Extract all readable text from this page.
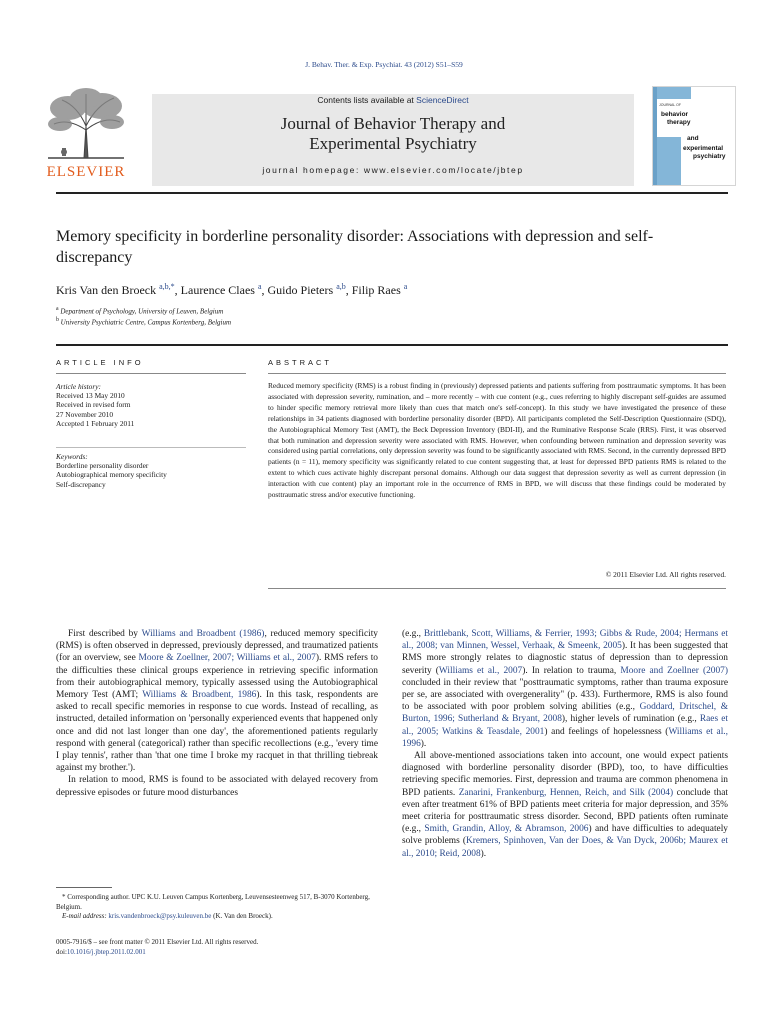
J. Behav. Ther. & Exp. Psychiat. 43 (2012) S51–S59
ELSEVIER
Contents lists available at ScienceDirect
Journal of Behavior Therapy and
Experimental Psychiatry
journal homepage: www.elsevier.com/locate/jbtep
JOURNAL OF
behavior
therapy
and
experimental
psychiatry
Memory specificity in borderline personality disorder: Associations with depression and self-discrepancy
Kris Van den Broeck $^{a,b,*}$, Laurence Claes $^a$, Guido Pieters $^{a,b}$, Filip Raes $^a$
$^a$ Department of Psychology, University of Leuven, Belgium
$^b$ University Psychiatric Centre, Campus Kortenberg, Belgium
ARTICLE INFO
Article history:
Received 13 May 2010
Received in revised form
27 November 2010
Accepted 1 February 2011
Keywords:
Borderline personality disorder
Autobiographical memory specificity
Self-discrepancy
ABSTRACT
Reduced memory specificity (RMS) is a robust finding in (previously) depressed patients and patients suffering from posttraumatic symptoms. It has been associated with depression severity, rumination, and – more recently – with cue content (e.g., cues referring to highly discrepant self-guides are assumed to hinder specific memory retrieval more likely than cues that match one's self-concept). In this study we have investigated the presence of these relationships in 34 patients diagnosed with borderline personality disorder (BPD). All participants completed the Self-Description Questionnaire (SDQ), the Autobiographical Memory Test (AMT), the Beck Depression Inventory (BDI-II), and the Ruminative Response Scale (RRS). First, it was observed that both rumination and depression severity were associated with RMS. However, when confounding between rumination and depression severity was considered using partial correlations, only depression severity was found to be significantly associated with RMS. Second, in the currently depressed BPD patients (n = 11), memory specificity was significantly related to cue content suggesting that, at least for depressed BPD patients RMS is related to the extent to which cues activate highly discrepant personal domains. Although our data suggest that depression severity as well as current depression (in interaction with cue content) play an important role in the occurrence of RMS in BPD, we will discuss that these findings could be moderated by posttraumatic stress and/or executive functioning.
© 2011 Elsevier Ltd. All rights reserved.

First described by Williams and Broadbent (1986), reduced memory specificity (RMS) is often observed in depressed, previously depressed, and traumatized patients (for an overview, see Moore & Zoellner, 2007; Williams et al., 2007). RMS refers to the difficulties these clinical groups experience in retrieving specific information from their autobiographical memory, typically assessed using the Autobiographical Memory Test (AMT; Williams & Broadbent, 1986). In this task, respondents are asked to recall specific memories in response to cue words. Instead of recalling, as instructed, detailed information on 'personally experienced events that happened only once and did not last longer than one day', the aforementioned patients regularly respond with general (categorical) rather than specific recollections (e.g., 'every time I play tennis', rather than 'that one time I broke my racquet in that thrilling tiebreak against my brother.').

In relation to mood, RMS is found to be associated with delayed recovery from depressive episodes or future mood disturbances

(e.g., Brittlebank, Scott, Williams, & Ferrier, 1993; Gibbs & Rude, 2004; Hermans et al., 2008; van Minnen, Wessel, Verhaak, & Smeenk, 2005). It has been suggested that RMS more strongly relates to diagnostic status of depression than to depression severity (Williams et al., 2007). In relation to trauma, Moore and Zoellner (2007) concluded in their review that "posttraumatic symptoms, rather than trauma exposure per se, are associated with overgenerality" (p. 433). Furthermore, RMS is also found to be associated with poor problem solving abilities (e.g., Goddard, Dritschel, & Burton, 1996; Sutherland & Bryant, 2008), higher levels of rumination (e.g., Raes et al., 2005; Watkins & Teasdale, 2001) and feelings of hopelessness (Williams et al., 1996).

All above-mentioned associations taken into account, one would expect patients diagnosed with borderline personality disorder (BPD), too, to have difficulties retrieving specific memories. First, depression and trauma are common phenomena in BPD patients. Zanarini, Frankenburg, Hennen, Reich, and Silk (2004) conclude that even after treatment 61% of BPD patients meet criteria for major depression, and 35% meet criteria for posttraumatic stress disorder. Second, BPD patients often ruminate (e.g., Smith, Grandin, Alloy, & Abramson, 2006) and have difficulties to adequately solve problems (Kremers, Spinhoven, Van der Does, & Van Dyck, 2006b; Maurex et al., 2010; Reid, 2008).

* Corresponding author. UPC K.U. Leuven Campus Kortenberg, Leuvensesteenweg 517, B-3070 Kortenberg, Belgium.

E-mail address: kris.vandenbroeck@psy.kuleuven.be (K. Van den Broeck).

0005-7916/$ – see front matter © 2011 Elsevier Ltd. All rights reserved.
doi:10.1016/j.jbtep.2011.02.001
